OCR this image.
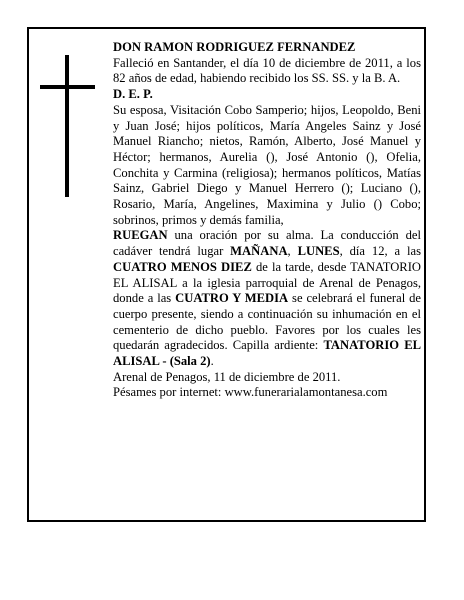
DON RAMON RODRIGUEZ FERNANDEZ

Falleció en Santander, el día 10 de diciembre de 2011, a los 82 años de edad, habiendo recibido los SS. SS. y la B. A.

D. E. P.

Su esposa, Visitación Cobo Samperio; hijos, Leopoldo, Beni y Juan José; hijos políticos, María Angeles Sainz y José Manuel Riancho; nietos, Ramón, Alberto, José Manuel y Héctor; hermanos, Aurelia (), José Antonio (), Ofelia, Conchita y Carmina (religiosa); hermanos políticos, Matías Sainz, Gabriel Diego y Manuel Herrero (); Luciano (), Rosario, María, Angelines, Maximina y Julio () Cobo; sobrinos, primos y demás familia,

RUEGAN una oración por su alma. La conducción del cadáver tendrá lugar MAÑANA, LUNES, día 12, a las CUATRO MENOS DIEZ de la tarde, desde TANATORIO EL ALISAL a la iglesia parroquial de Arenal de Penagos, donde a las CUATRO Y MEDIA se celebrará el funeral de cuerpo presente, siendo a continuación su inhumación en el cementerio de dicho pueblo. Favores por los cuales les quedarán agradecidos. Capilla ardiente: TANATORIO EL ALISAL - (Sala 2).

Arenal de Penagos, 11 de diciembre de 2011.

Pésames por internet: www.funerarialamontanesa.com
